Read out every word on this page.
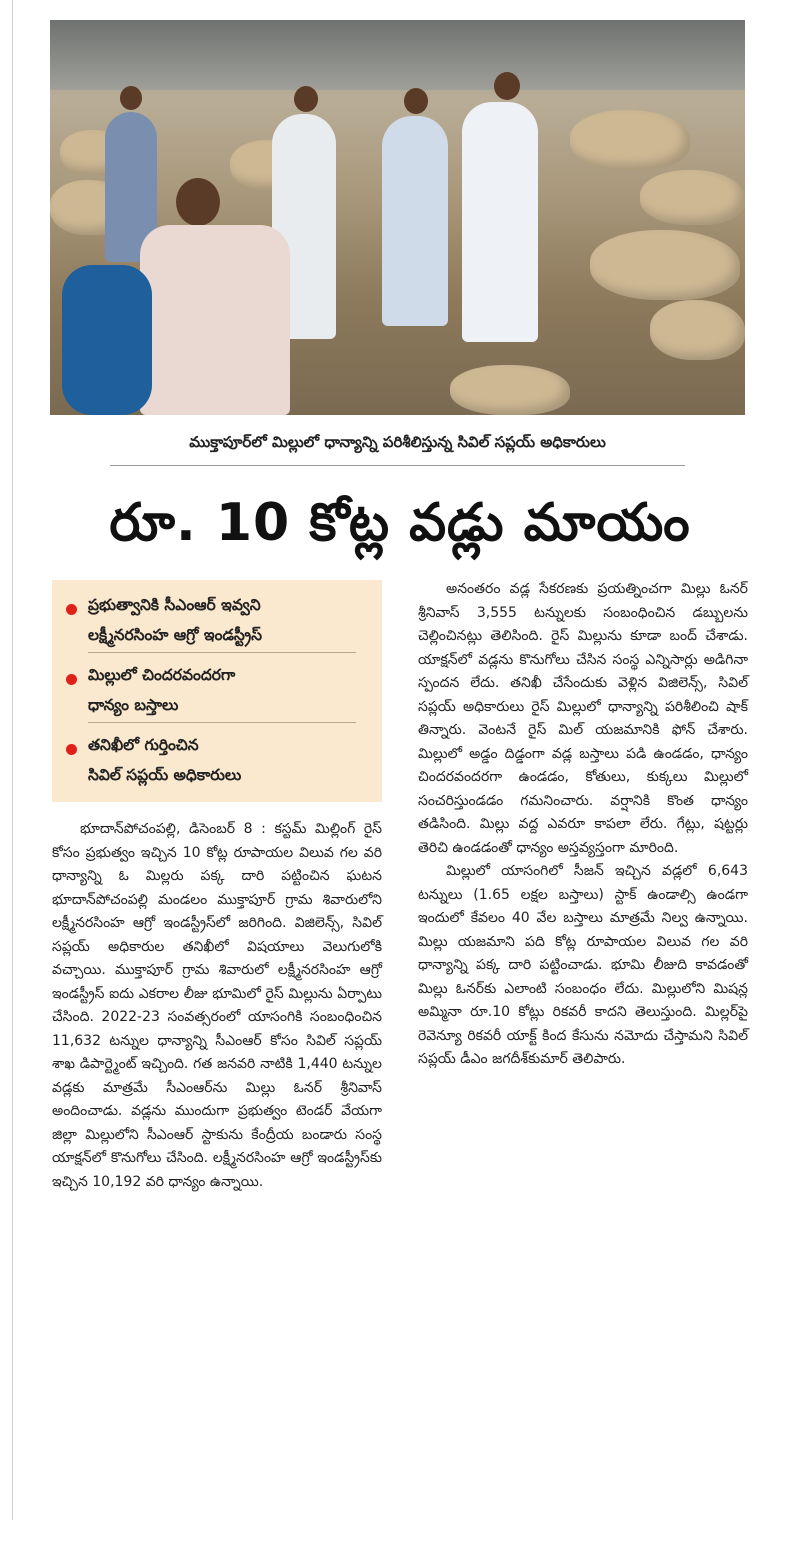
ముక్తాపూర్‌లో మిల్లులో ధాన్యాన్ని పరిశీలిస్తున్న సివిల్ సప్లయ్ అధికారులు
రూ. 10 కోట్ల వడ్లు మాయం
ప్రభుత్వానికి సీఎంఆర్ ఇవ్వని
లక్ష్మీనరసింహ ఆగ్రో ఇండస్ట్రీస్
మిల్లులో చిందరవందరగా
ధాన్యం బస్తాలు
తనిఖీలో గుర్తించిన
సివిల్ సప్లయ్ అధికారులు

భూదాన్‌పోచంపల్లి, డిసెంబర్ 8 : కస్టమ్ మిల్లింగ్ రైస్ కోసం ప్రభుత్వం ఇచ్చిన 10 కోట్ల రూపాయల విలువ గల వరి ధాన్యాన్ని ఓ మిల్లరు పక్క దారి పట్టించిన ఘటన భూదాన్‌పోచంపల్లి మండలం ముక్తాపూర్ గ్రామ శివారులోని లక్ష్మీనరసింహ ఆగ్రో ఇండస్ట్రీస్‌లో జరిగింది. విజిలెన్స్, సివిల్ సప్లయ్ అధికారుల తనిఖీలో విషయాలు వెలుగులోకి వచ్చాయి. ముక్తాపూర్ గ్రామ శివారులో లక్ష్మీనరసింహ ఆగ్రో ఇండస్ట్రీస్ ఐదు ఎకరాల లీజు భూమిలో రైస్ మిల్లును ఏర్పాటు చేసింది. 2022-23 సంవత్సరంలో యాసంగికి సంబంధించిన 11,632 టన్నుల ధాన్యాన్ని సీఎంఆర్ కోసం సివిల్ సప్లయ్ శాఖ డిపార్ట్మెంట్ ఇచ్చింది. గత జనవరి నాటికి 1,440 టన్నుల వడ్లకు మాత్రమే సీఎంఆర్‌ను మిల్లు ఓనర్ శ్రీనివాస్ అందించాడు. వడ్లను ముందుగా ప్రభుత్వం టెండర్ వేయగా జిల్లా మిల్లులోని సీఎంఆర్ స్టాకును కేంద్రీయ బండారు సంస్థ యాక్షన్‌లో కొనుగోలు చేసింది. లక్ష్మీనరసింహ ఆగ్రో ఇండస్ట్రీస్‌కు ఇచ్చిన 10,192 వరి ధాన్యం ఉన్నాయి.

అనంతరం వడ్ల సేకరణకు ప్రయత్నించగా మిల్లు ఓనర్ శ్రీనివాస్ 3,555 టన్నులకు సంబంధించిన డబ్బులను చెల్లించినట్లు తెలిసింది. రైస్ మిల్లును కూడా బంద్ చేశాడు. యాక్షన్‌లో వడ్లను కొనుగోలు చేసిన సంస్థ ఎన్నిసార్లు అడిగినా స్పందన లేదు. తనిఖీ చేసేందుకు వెళ్లిన విజిలెన్స్, సివిల్ సప్లయ్ అధికారులు రైస్ మిల్లులో ధాన్యాన్ని పరిశీలించి షాక్ తిన్నారు. వెంటనే రైస్ మిల్ యజమానికి ఫోన్ చేశారు. మిల్లులో అడ్డం దిడ్డంగా వడ్ల బస్తాలు పడి ఉండడం, ధాన్యం చిందరవందరగా ఉండడం, కోతులు, కుక్కలు మిల్లులో సంచరిస్తుండడం గమనించారు. వర్షానికి కొంత ధాన్యం తడిసింది. మిల్లు వద్ద ఎవరూ కాపలా లేరు. గేట్లు, షట్టర్లు తెరిచి ఉండడంతో ధాన్యం అస్తవ్యస్తంగా మారింది.

మిల్లులో యాసంగిలో సీజన్ ఇచ్చిన వడ్లలో 6,643 టన్నులు (1.65 లక్షల బస్తాలు) స్టాక్ ఉండాల్సి ఉండగా ఇందులో కేవలం 40 వేల బస్తాలు మాత్రమే నిల్వ ఉన్నాయి. మిల్లు యజమాని పది కోట్ల రూపాయల విలువ గల వరి ధాన్యాన్ని పక్క దారి పట్టించాడు. భూమి లీజుది కావడంతో మిల్లు ఓనర్‌కు ఎలాంటి సంబంధం లేదు. మిల్లులోని మిషన్ల అమ్మినా రూ.10 కోట్లు రికవరీ కాదని తెలుస్తుంది. మిల్లర్‌పై రెవెన్యూ రికవరీ యాక్ట్ కింద కేసును నమోదు చేస్తామని సివిల్ సప్లయ్ డీఎం జగదీశ్‌కుమార్ తెలిపారు.
